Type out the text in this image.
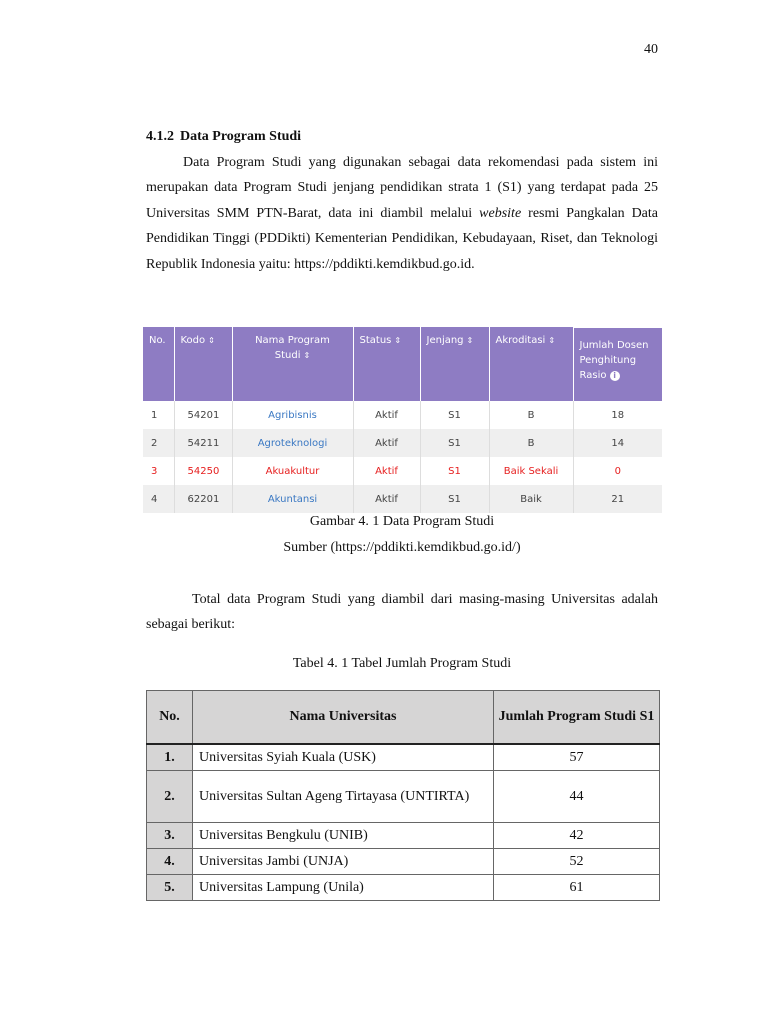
40
4.1.2 Data Program Studi

Data Program Studi yang digunakan sebagai data rekomendasi pada sistem ini merupakan data Program Studi jenjang pendidikan strata 1 (S1) yang terdapat pada 25 Universitas SMM PTN-Barat, data ini diambil melalui website resmi Pangkalan Data Pendidikan Tinggi (PDDikti) Kementerian Pendidikan, Kebudayaan, Riset, dan Teknologi Republik Indonesia yaitu: https://pddikti.kemdikbud.go.id.

No.	Kodo ⇕	Nama Program Studi ⇕	Status ⇕	Jenjang ⇕	Akroditasi ⇕	Jumlah Dosen Penghitung Rasio i
1	54201	Agribisnis	Aktif	S1	B	18
2	54211	Agroteknologi	Aktif	S1	B	14
3	54250	Akuakultur	Aktif	S1	Baik Sekali	0
4	62201	Akuntansi	Aktif	S1	Baik	21

Gambar 4. 1 Data Program Studi

Sumber (https://pddikti.kemdikbud.go.id/)

Total data Program Studi yang diambil dari masing-masing Universitas adalah sebagai berikut:

Tabel 4. 1 Tabel Jumlah Program Studi

No.	Nama Universitas	Jumlah Program Studi S1
1.	Universitas Syiah Kuala (USK)	57
2.	Universitas Sultan Ageng Tirtayasa (UNTIRTA)	44
3.	Universitas Bengkulu (UNIB)	42
4.	Universitas Jambi (UNJA)	52
5.	Universitas Lampung (Unila)	61
